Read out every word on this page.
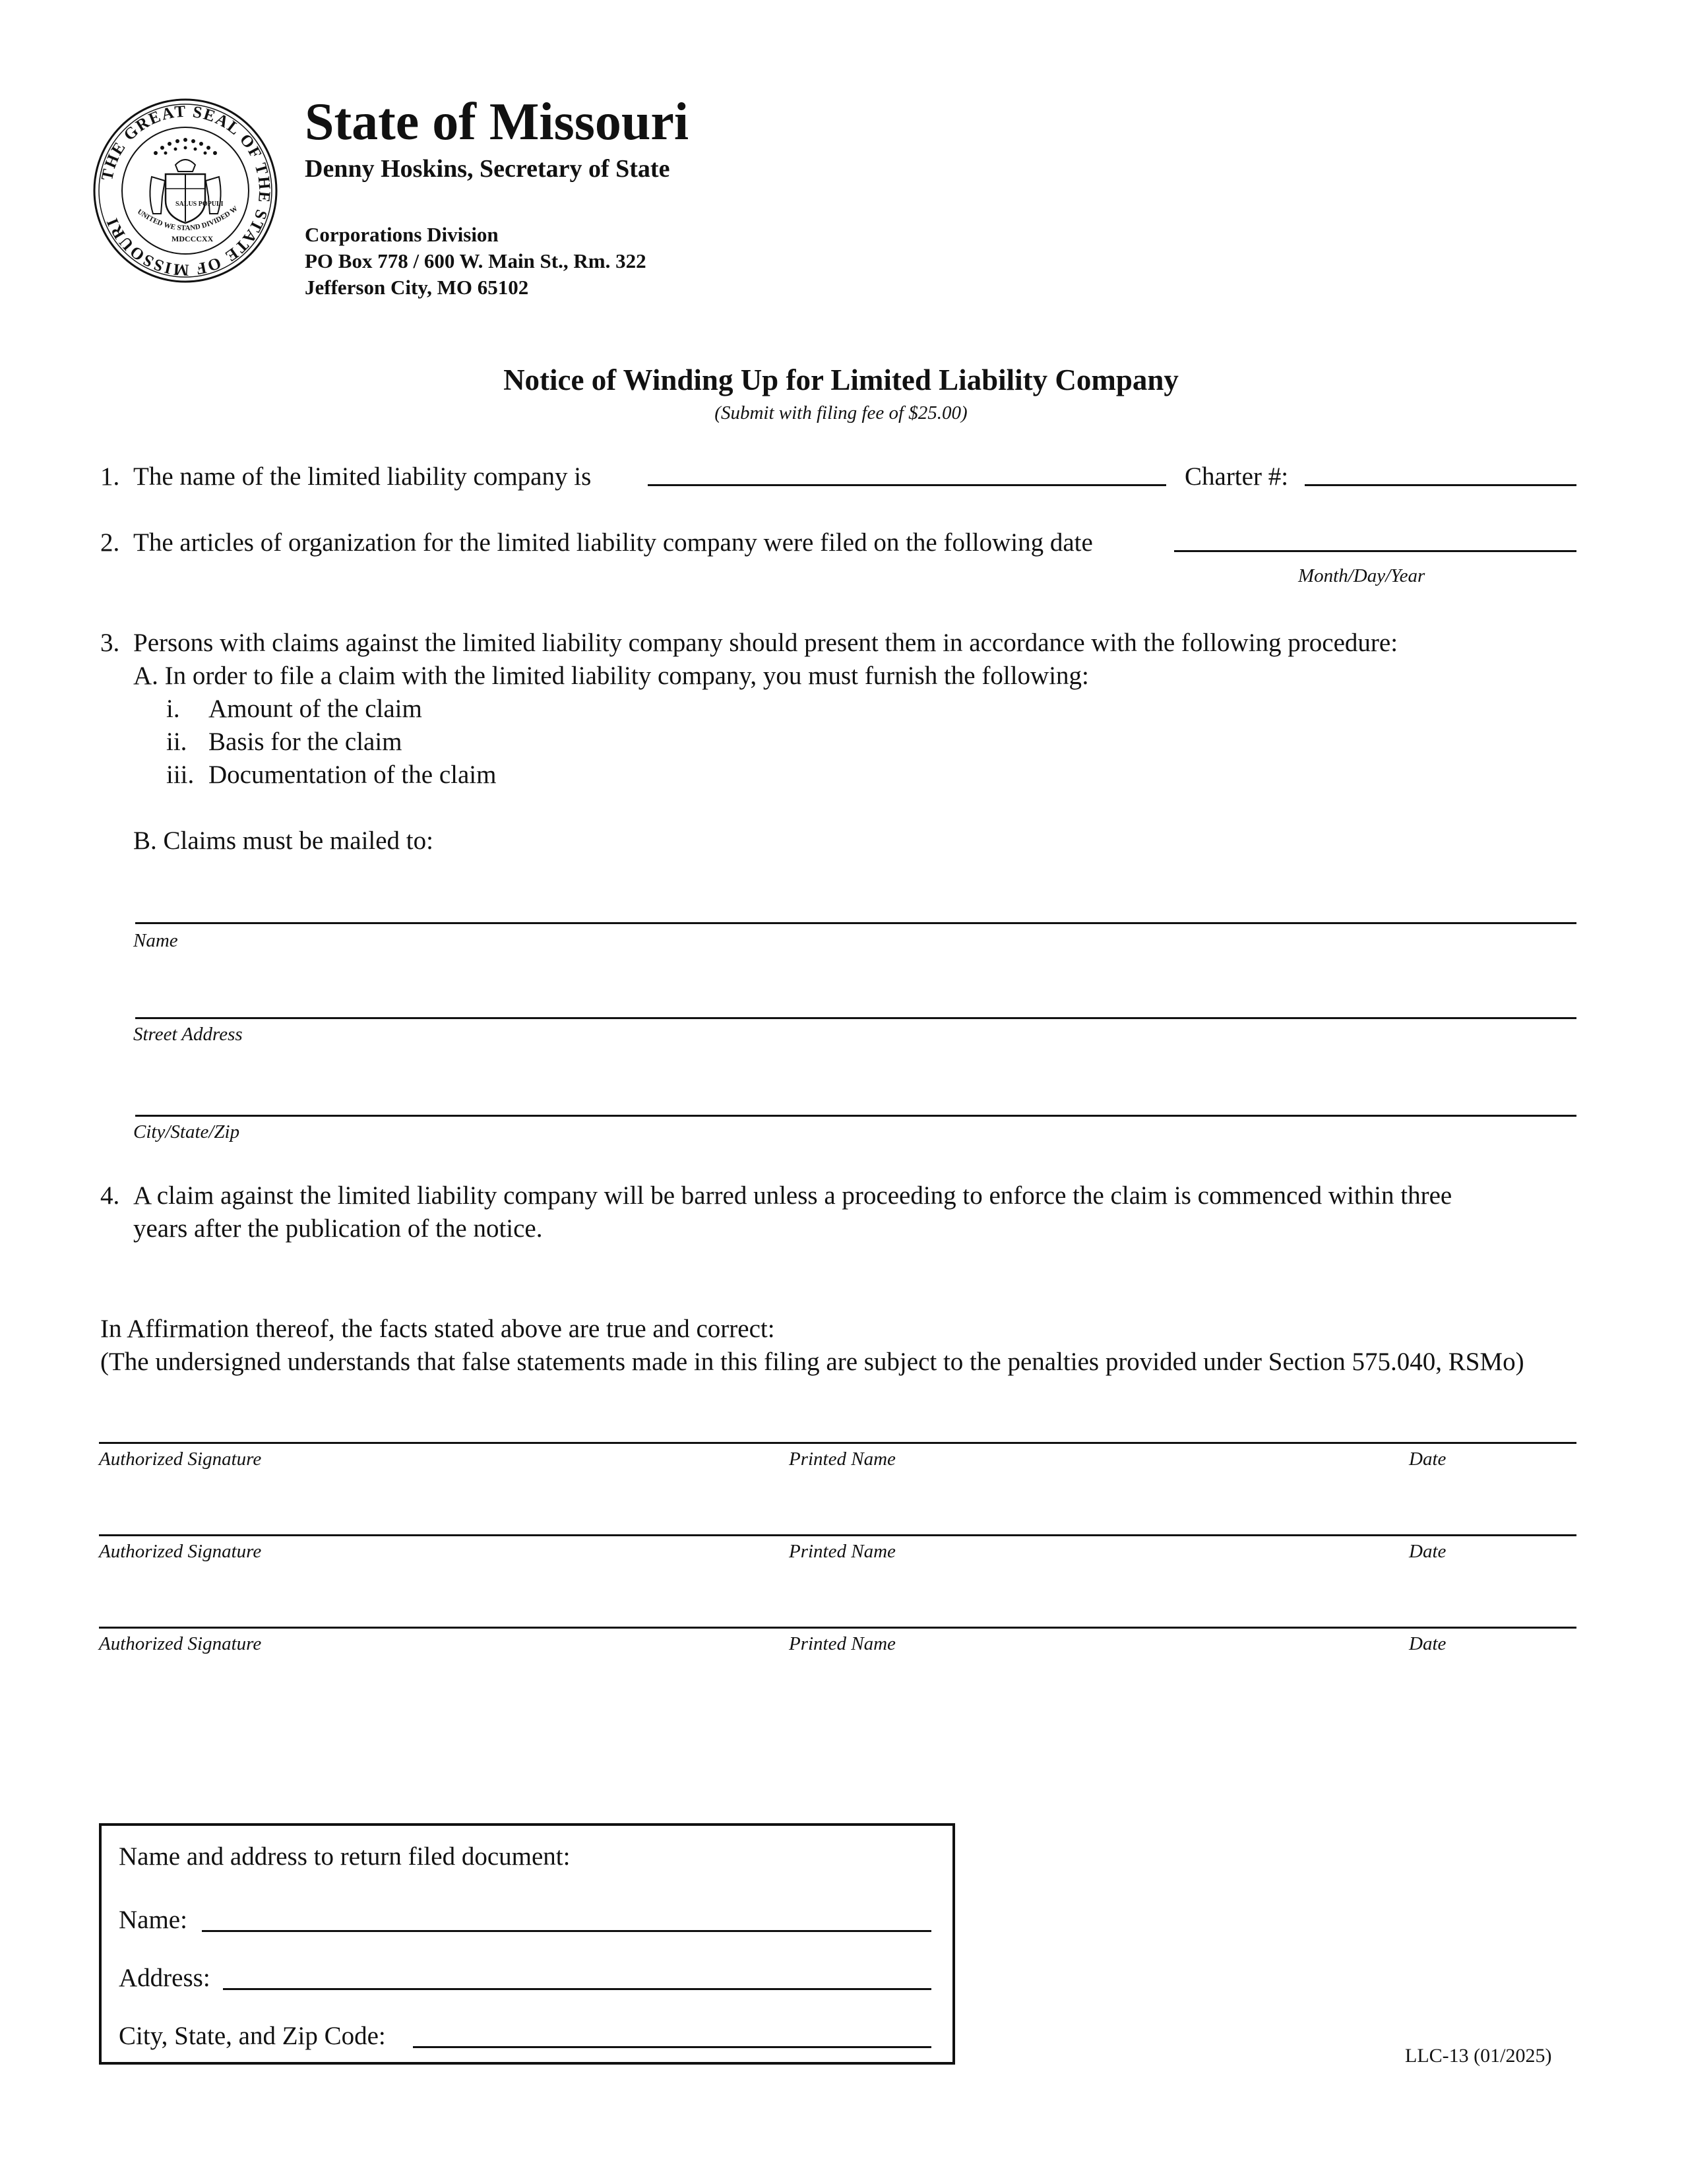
THE GREAT SEAL OF THE STATE OF MISSOURI
SALUS POPULI
UNITED WE STAND DIVIDED W
MDCCCXX
State of Missouri
Denny Hoskins, Secretary of State
Corporations Division
PO Box 778 / 600 W. Main St., Rm. 322
Jefferson City, MO 65102
Notice of Winding Up for Limited Liability Company
(Submit with filing fee of $25.00)
1. The name of the limited liability company is	Charter #:
2. The articles of organization for the limited liability company were filed on the following date
Month/Day/Year
3. Persons with claims against the limited liability company should present them in accordance with the following procedure:
A. In order to file a claim with the limited liability company, you must furnish the following:
i. Amount of the claim
ii. Basis for the claim
iii. Documentation of the claim
B. Claims must be mailed to:
Name
Street Address
City/State/Zip
4. A claim against the limited liability company will be barred unless a proceeding to enforce the claim is commenced within three
years after the publication of the notice.
In Affirmation thereof, the facts stated above are true and correct:
(The undersigned understands that false statements made in this filing are subject to the penalties provided under Section 575.040, RSMo)
Authorized Signature	Printed Name	Date
Authorized Signature	Printed Name	Date
Authorized Signature	Printed Name	Date
Name and address to return filed document:
Name:
Address:
City, State, and Zip Code:
LLC-13 (01/2025)
